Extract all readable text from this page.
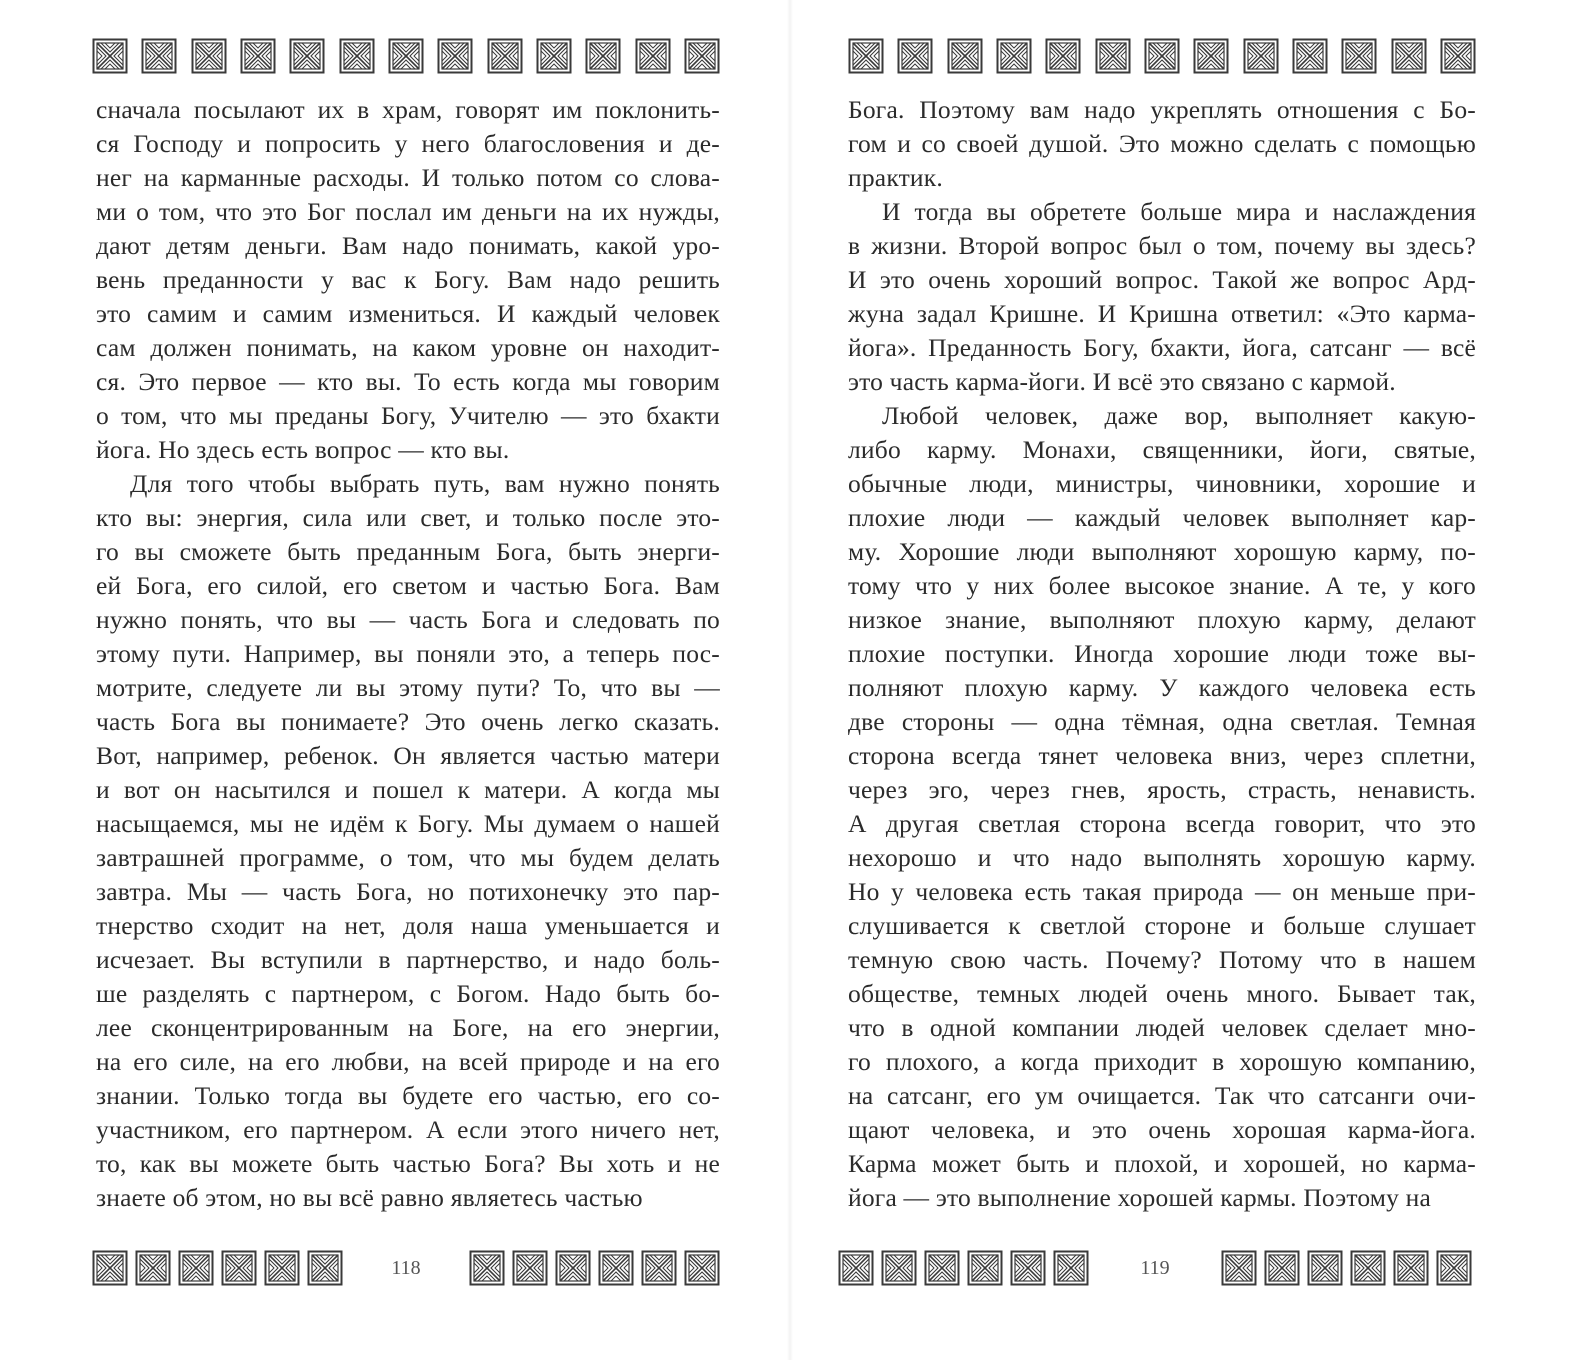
сначала посылают их в храм, говорят им поклонить-
ся Господу и попросить у него благословения и де-
нег на карманные расходы. И только потом со слова-
ми о том, что это Бог послал им деньги на их нужды,
дают детям деньги. Вам надо понимать, какой уро-
вень преданности у вас к Богу. Вам надо решить
это самим и самим измениться. И каждый человек
сам должен понимать, на каком уровне он находит-
ся. Это первое — кто вы. То есть когда мы говорим
о том, что мы преданы Богу, Учителю — это бхакти
йога. Но здесь есть вопрос — кто вы.
Для того чтобы выбрать путь, вам нужно понять
кто вы: энергия, сила или свет, и только после это-
го вы сможете быть преданным Бога, быть энерги-
ей Бога, его силой, его светом и частью Бога. Вам
нужно понять, что вы — часть Бога и следовать по
этому пути. Например, вы поняли это, а теперь пос-
мотрите, следуете ли вы этому пути? То, что вы —
часть Бога вы понимаете? Это очень легко сказать.
Вот, например, ребенок. Он является частью матери
и вот он насытился и пошел к матери. А когда мы
насыщаемся, мы не идём к Богу. Мы думаем о нашей
завтрашней программе, о том, что мы будем делать
завтра. Мы — часть Бога, но потихонечку это пар-
тнерство сходит на нет, доля наша уменьшается и
исчезает. Вы вступили в партнерство, и надо боль-
ше разделять с партнером, с Богом. Надо быть бо-
лее сконцентрированным на Боге, на его энергии,
на его силе, на его любви, на всей природе и на его
знании. Только тогда вы будете его частью, его со-
участником, его партнером. А если этого ничего нет,
то, как вы можете быть частью Бога? Вы хоть и не
знаете об этом, но вы всё равно являетесь частью
118
Бога. Поэтому вам надо укреплять отношения с Бо-
гом и со своей душой. Это можно сделать с помощью
практик.
И тогда вы обретете больше мира и наслаждения
в жизни. Второй вопрос был о том, почему вы здесь?
И это очень хороший вопрос. Такой же вопрос Ард-
жуна задал Кришне. И Кришна ответил: «Это карма-
йога». Преданность Богу, бхакти, йога, сатсанг — всё
это часть карма-йоги. И всё это связано с кармой.
Любой человек, даже вор, выполняет какую-
либо карму. Монахи, священники, йоги, святые,
обычные люди, министры, чиновники, хорошие и
плохие люди — каждый человек выполняет кар-
му. Хорошие люди выполняют хорошую карму, по-
тому что у них более высокое знание. А те, у кого
низкое знание, выполняют плохую карму, делают
плохие поступки. Иногда хорошие люди тоже вы-
полняют плохую карму. У каждого человека есть
две стороны — одна тёмная, одна светлая. Темная
сторона всегда тянет человека вниз, через сплетни,
через эго, через гнев, ярость, страсть, ненависть.
А другая светлая сторона всегда говорит, что это
нехорошо и что надо выполнять хорошую карму.
Но у человека есть такая природа — он меньше при-
слушивается к светлой стороне и больше слушает
темную свою часть. Почему? Потому что в нашем
обществе, темных людей очень много. Бывает так,
что в одной компании людей человек сделает мно-
го плохого, а когда приходит в хорошую компанию,
на сатсанг, его ум очищается. Так что сатсанги очи-
щают человека, и это очень хорошая карма-йога.
Карма может быть и плохой, и хорошей, но карма-
йога — это выполнение хорошей кармы. Поэтому на
119
